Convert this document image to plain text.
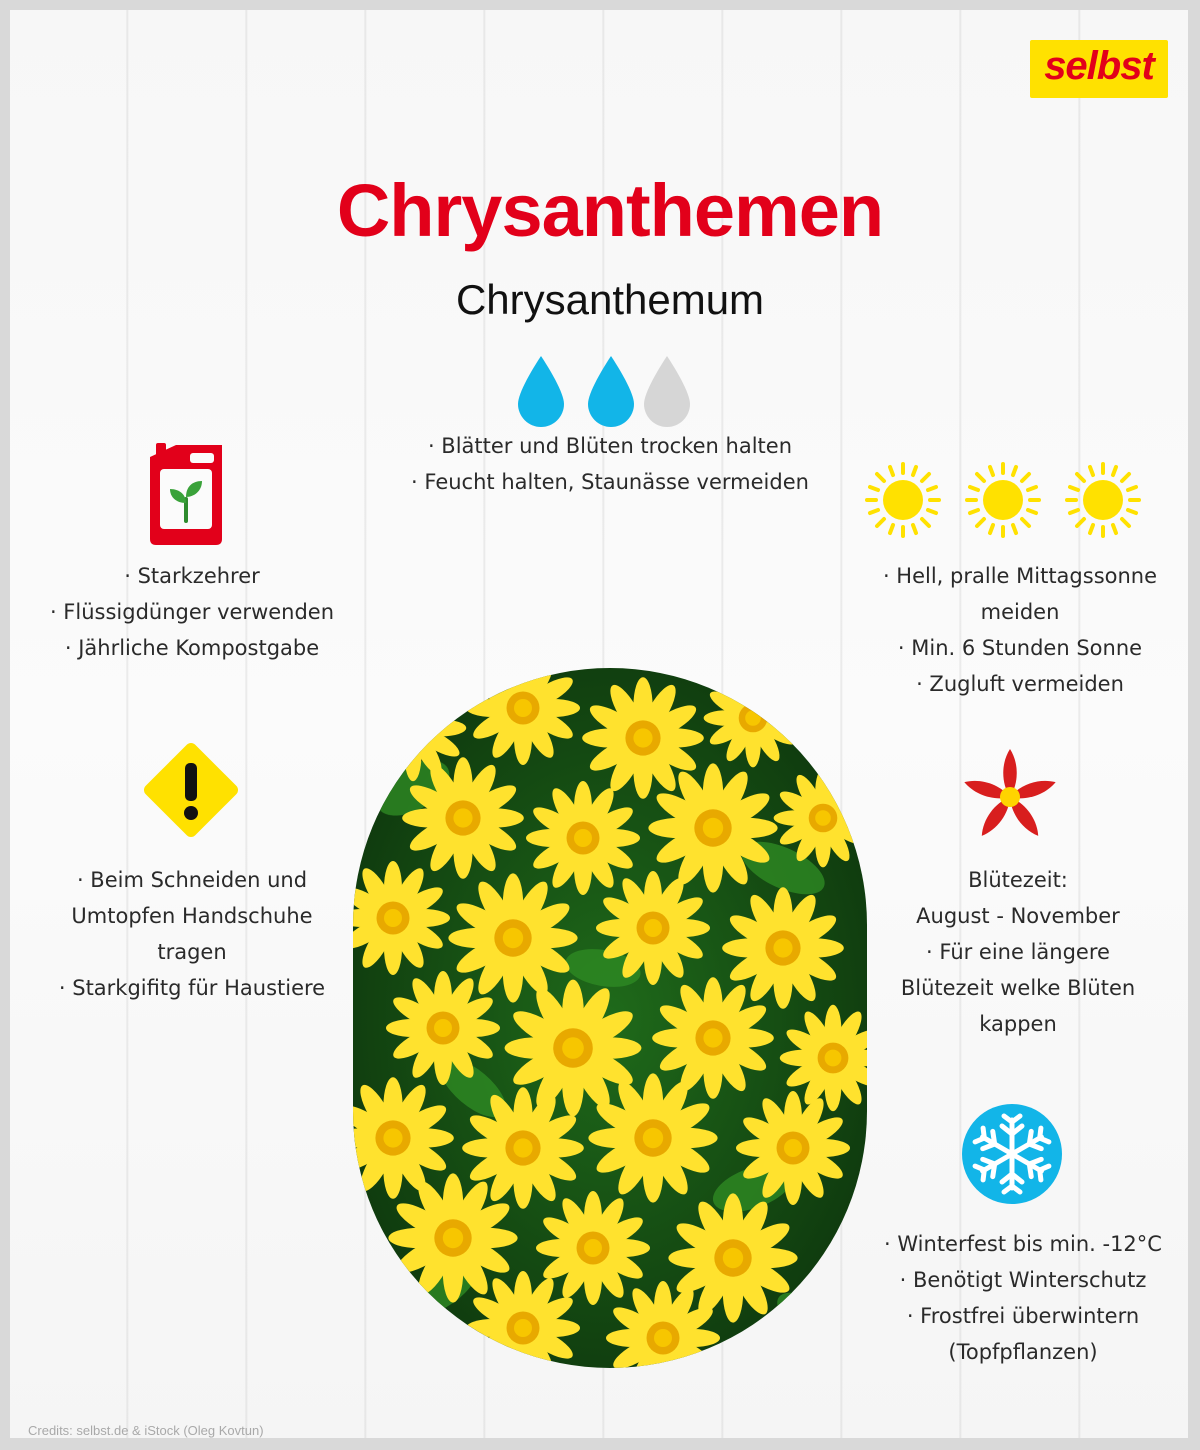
selbst
Chrysanthemen
Chrysanthemum
· Blätter und Blüten trocken halten
· Feucht halten, Staunässe vermeiden
· Starkzehrer
· Flüssigdünger verwenden
· Jährliche Kompostgabe
· Hell, pralle Mittagssonne
meiden
· Min. 6 Stunden Sonne
· Zugluft vermeiden
· Beim Schneiden und
Umtopfen Handschuhe
tragen
· Starkgifitg für Haustiere
Blütezeit:
August - November
· Für eine längere
Blütezeit welke Blüten
kappen
· Winterfest bis min. -12°C
· Benötigt Winterschutz
· Frostfrei überwintern
(Topfpflanzen)
Credits: selbst.de & iStock (Oleg Kovtun)
